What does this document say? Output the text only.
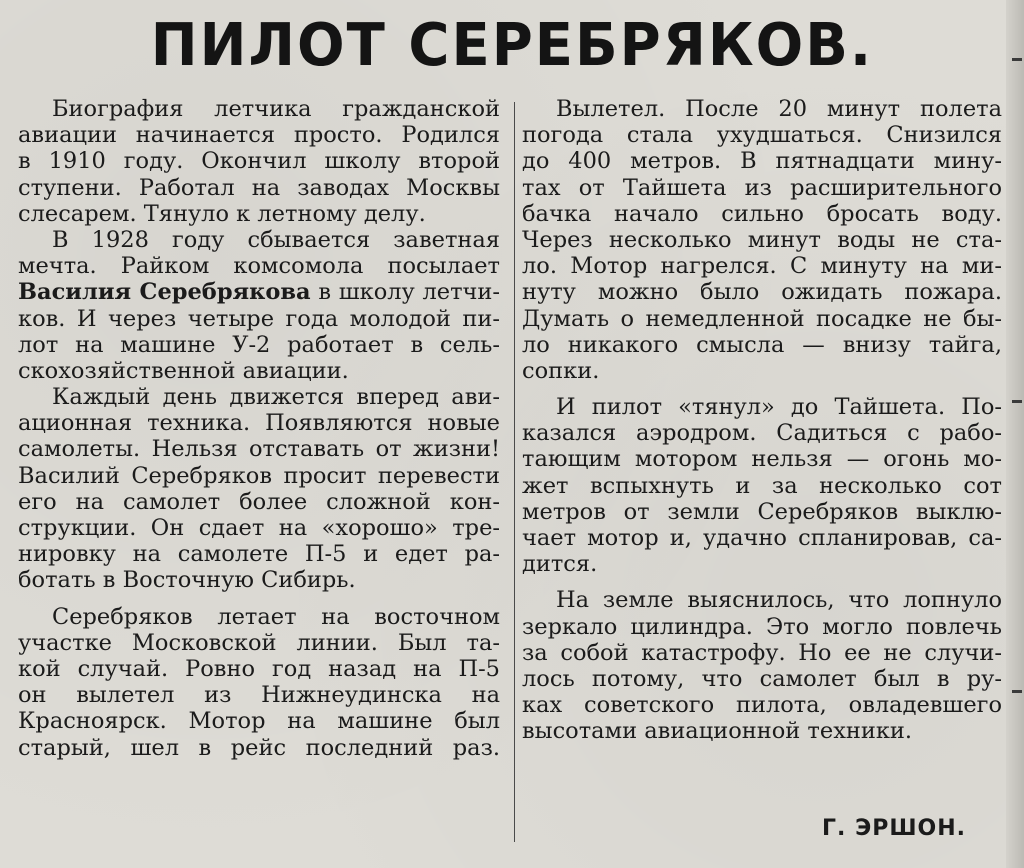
ПИЛОТ СЕРЕБРЯКОВ.
Биография летчика гражданской
авиации начинается просто. Родился
в 1910 году. Окончил школу второй
ступени. Работал на заводах Москвы
слесарем. Тянуло к летному делу.
В 1928 году сбывается заветная
мечта. Райком комсомола посылает
Василия Серебрякова в школу летчи-
ков. И через четыре года молодой пи-
лот на машине У-2 работает в сель-
скохозяйственной авиации.
Каждый день движется вперед ави-
ационная техника. Появляются новые
самолеты. Нельзя отставать от жизни!
Василий Серебряков просит перевести
его на самолет более сложной кон-
струкции. Он сдает на «хорошо» тре-
нировку на самолете П-5 и едет ра-
ботать в Восточную Сибирь.
Серебряков летает на восточном
участке Московской линии. Был та-
кой случай. Ровно год назад на П-5
он вылетел из Нижнеудинска на
Красноярск. Мотор на машине был
старый, шел в рейс последний раз.
Вылетел. После 20 минут полета
погода стала ухудшаться. Снизился
до 400 метров. В пятнадцати мину-
тах от Тайшета из расширительного
бачка начало сильно бросать воду.
Через несколько минут воды не ста-
ло. Мотор нагрелся. С минуту на ми-
нуту можно было ожидать пожара.
Думать о немедленной посадке не бы-
ло никакого смысла — внизу тайга,
сопки.
И пилот «тянул» до Тайшета. По-
казался аэродром. Садиться с рабо-
тающим мотором нельзя — огонь мо-
жет вспыхнуть и за несколько сот
метров от земли Серебряков выклю-
чает мотор и, удачно спланировав, са-
дится.
На земле выяснилось, что лопнуло
зеркало цилиндра. Это могло повлечь
за собой катастрофу. Но ее не случи-
лось потому, что самолет был в ру-
ках советского пилота, овладевшего
высотами авиационной техники.
Г. ЭРШОН.
